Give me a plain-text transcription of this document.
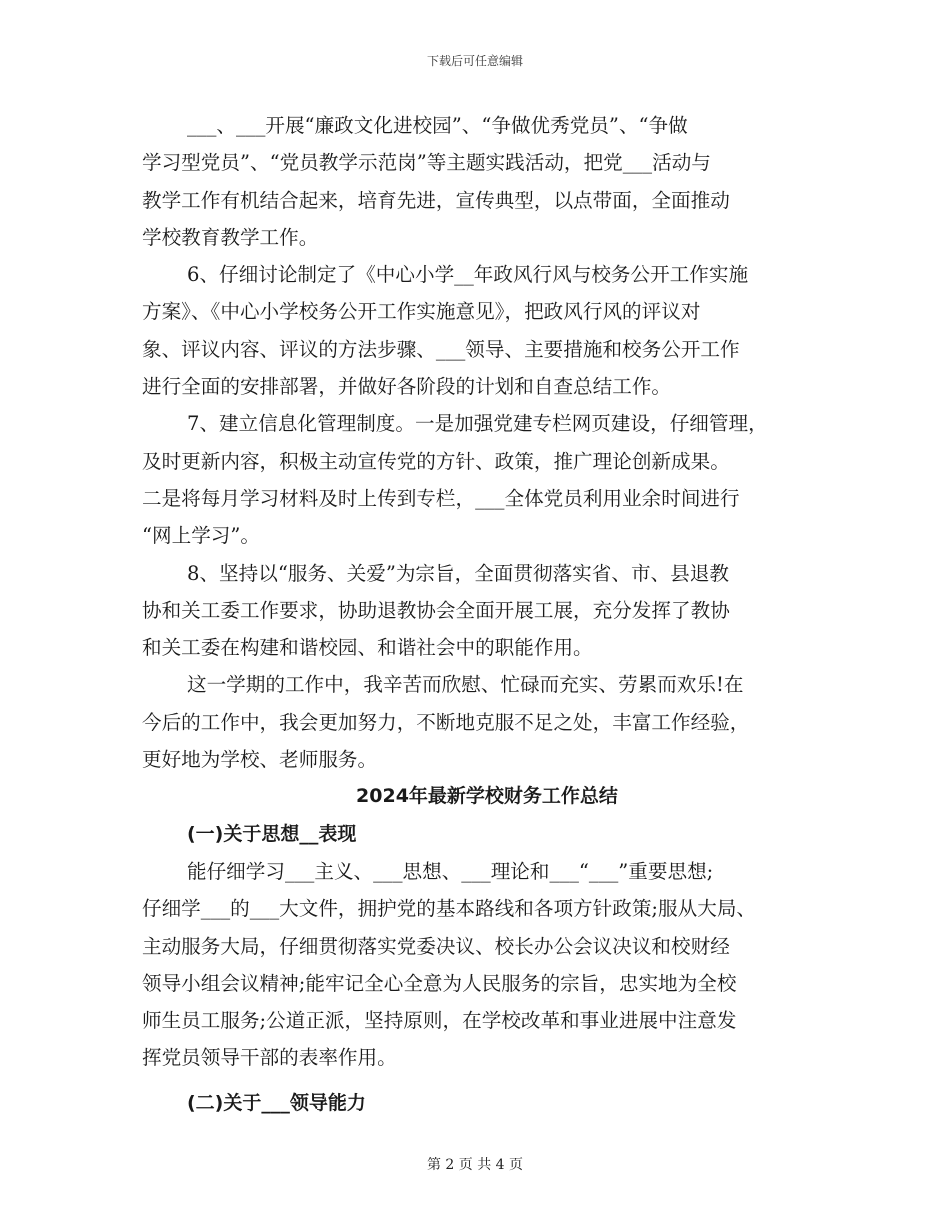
下载后可任意编辑
___、___开展“廉政文化进校园”、“争做优秀党员”、“争做
学习型党员”、“党员教学示范岗”等主题实践活动，把党___活动与
教学工作有机结合起来，培育先进，宣传典型，以点带面，全面推动
学校教育教学工作。
6、仔细讨论制定了《中心小学__年政风行风与校务公开工作实施
方案》、《中心小学校务公开工作实施意见》，把政风行风的评议对
象、评议内容、评议的方法步骤、___领导、主要措施和校务公开工作
进行全面的安排部署，并做好各阶段的计划和自查总结工作。
7、建立信息化管理制度。一是加强党建专栏网页建设，仔细管理，
及时更新内容，积极主动宣传党的方针、政策，推广理论创新成果。
二是将每月学习材料及时上传到专栏，___全体党员利用业余时间进行
“网上学习”。
8、坚持以“服务、关爱”为宗旨，全面贯彻落实省、市、县退教
协和关工委工作要求，协助退教协会全面开展工展，充分发挥了教协
和关工委在构建和谐校园、和谐社会中的职能作用。
这一学期的工作中，我辛苦而欣慰、忙碌而充实、劳累而欢乐!在
今后的工作中，我会更加努力，不断地克服不足之处，丰富工作经验，
更好地为学校、老师服务。
2024年最新学校财务工作总结
(一)关于思想__表现
能仔细学习___主义、___思想、___理论和___“___”重要思想;
仔细学___的___大文件，拥护党的基本路线和各项方针政策;服从大局、
主动服务大局，仔细贯彻落实党委决议、校长办公会议决议和校财经
领导小组会议精神;能牢记全心全意为人民服务的宗旨，忠实地为全校
师生员工服务;公道正派，坚持原则，在学校改革和事业进展中注意发
挥党员领导干部的表率作用。
(二)关于___领导能力
第 2 页 共 4 页
